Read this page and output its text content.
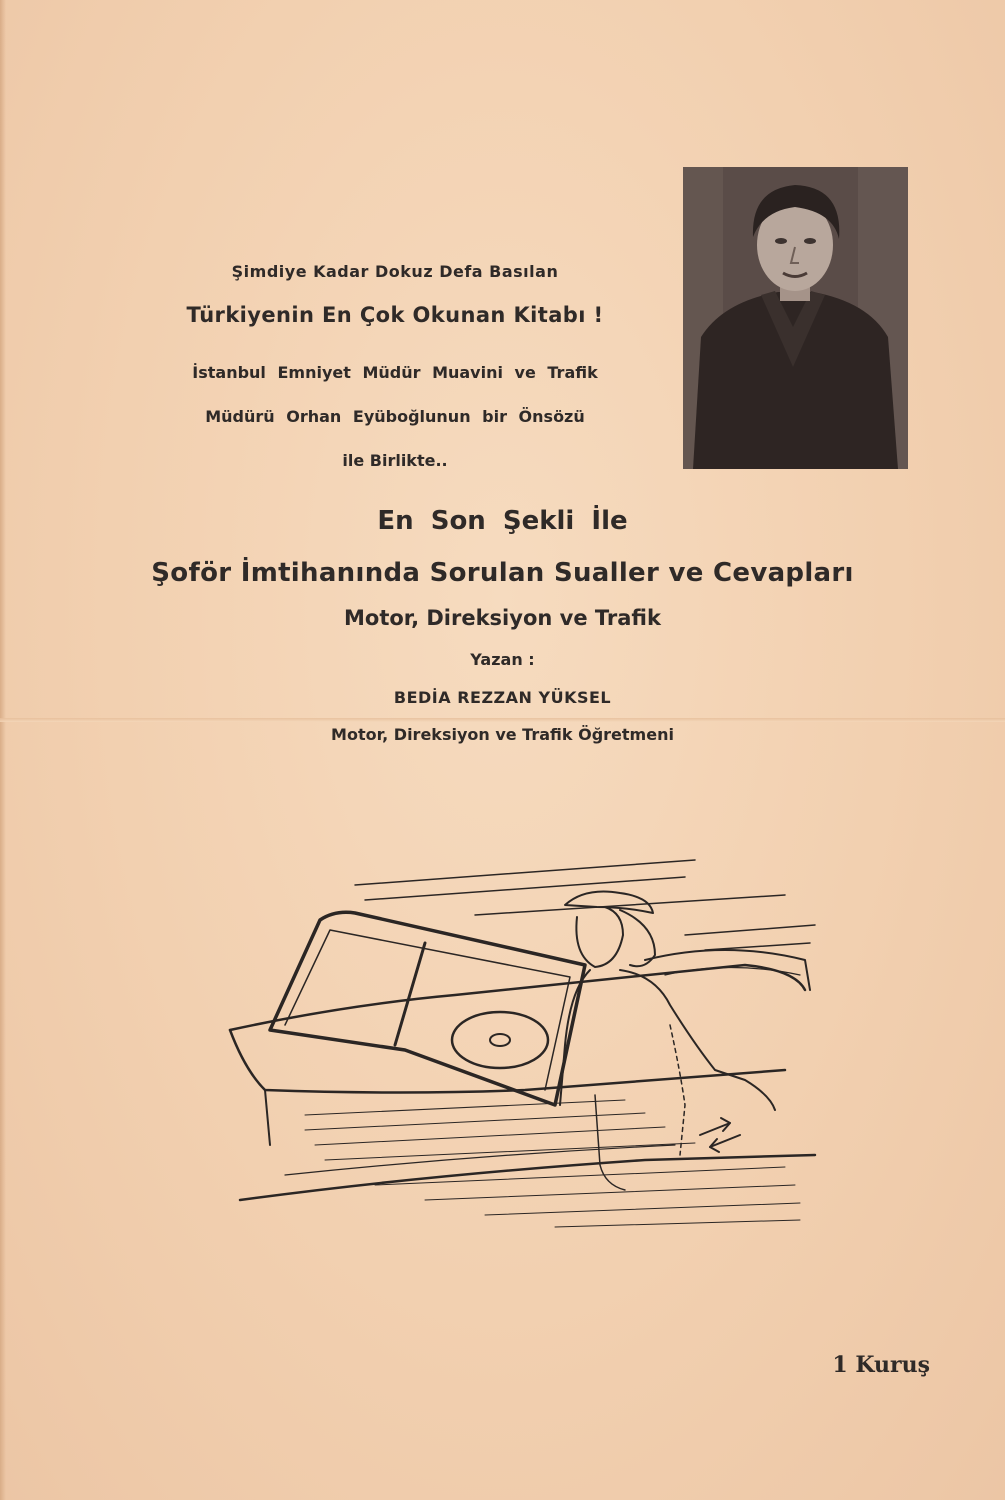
Şimdiye Kadar Dokuz Defa Basılan
Türkiyenin En Çok Okunan Kitabı !
İstanbul Emniyet Müdür Muavini ve Trafik
Müdürü Orhan Eyüboğlunun bir Önsözü
ile Birlikte..
En Son Şekli İle
Şoför İmtihanında Sorulan Sualler ve Cevapları
Motor, Direksiyon ve Trafik
Yazan :
BEDİA REZZAN YÜKSEL
Motor, Direksiyon ve Trafik Öğretmeni
1 Kuruş
